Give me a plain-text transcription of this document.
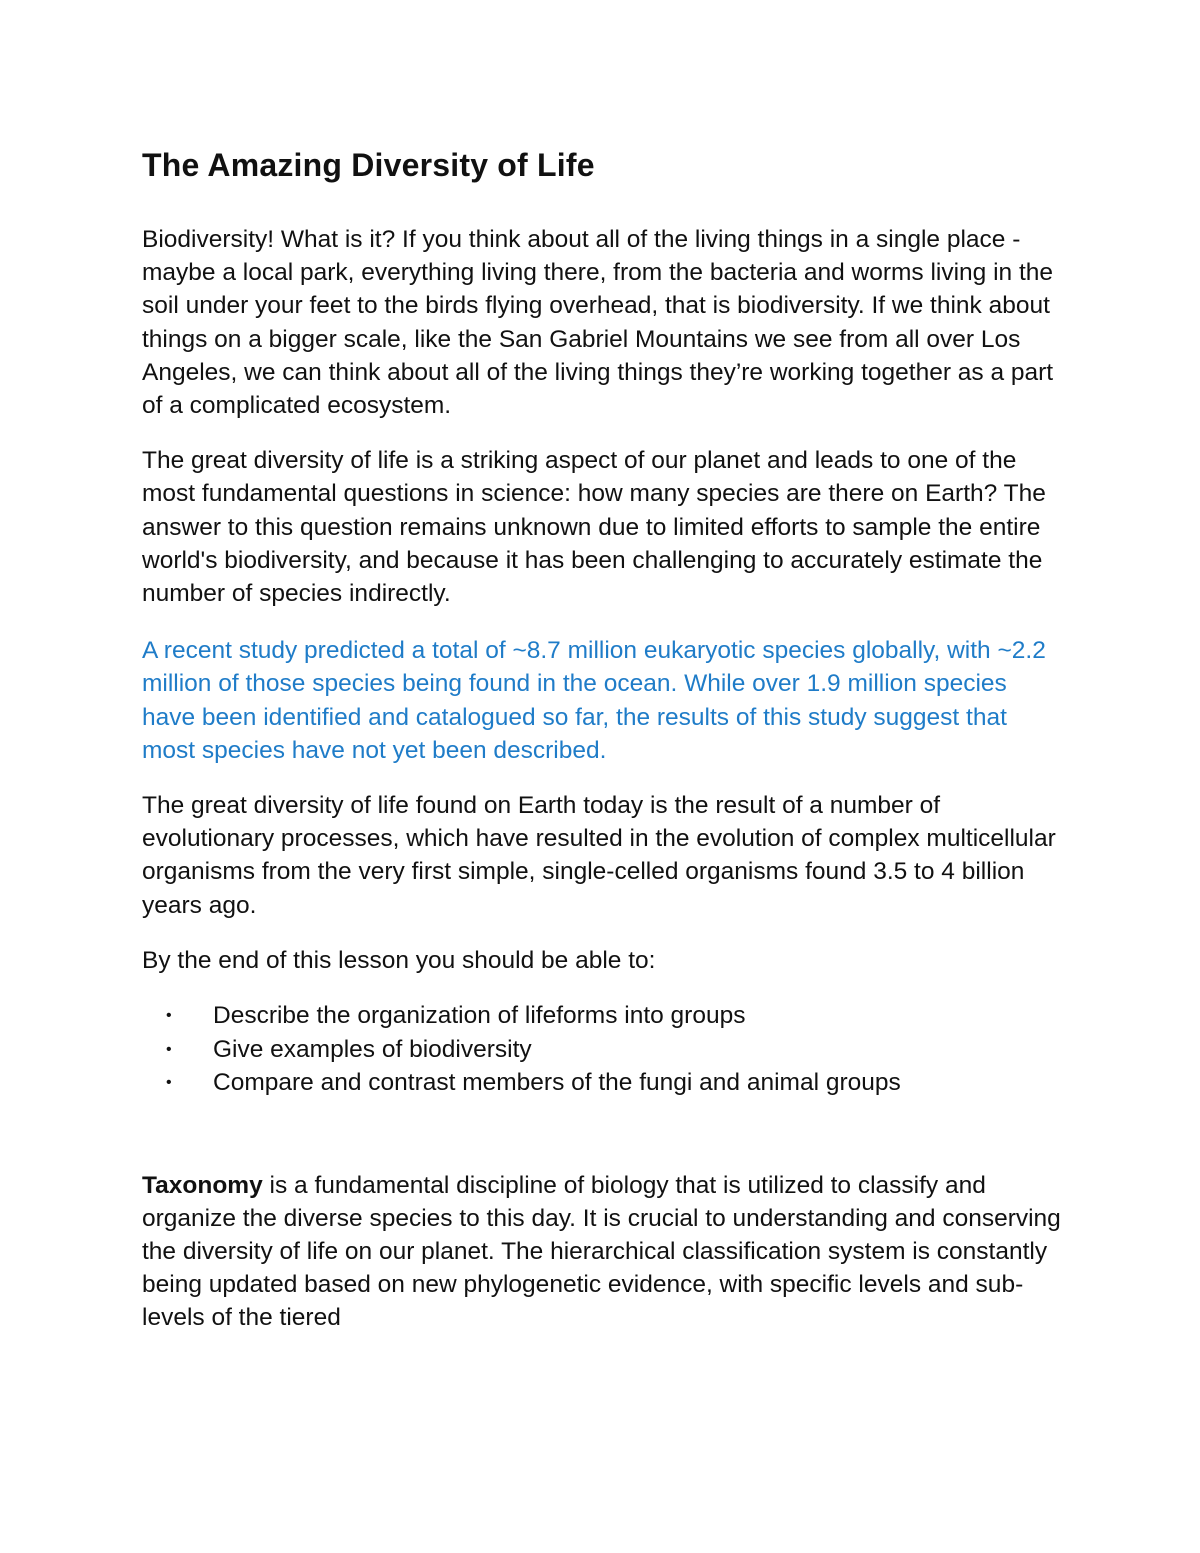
The Amazing Diversity of Life

Biodiversity! What is it? If you think about all of the living things in a single place - maybe a local park, everything living there, from the bacteria and worms living in the soil under your feet to the birds flying overhead, that is biodiversity. If we think about things on a bigger scale, like the San Gabriel Mountains we see from all over Los Angeles, we can think about all of the living things they’re working together as a part of a complicated ecosystem.

The great diversity of life is a striking aspect of our planet and leads to one of the most fundamental questions in science: how many species are there on Earth? The answer to this question remains unknown due to limited efforts to sample the entire world's biodiversity, and because it has been challenging to accurately estimate the number of species indirectly.

A recent study predicted a total of ~8.7 million eukaryotic species globally, with ~2.2 million of those species being found in the ocean. While over 1.9 million species have been identified and catalogued so far, the results of this study suggest that most species have not yet been described.

The great diversity of life found on Earth today is the result of a number of evolutionary processes, which have resulted in the evolution of complex multicellular organisms from the very first simple, single-celled organisms found 3.5 to 4 billion years ago.

By the end of this lesson you should be able to:

• Describe the organization of lifeforms into groups
• Give examples of biodiversity
• Compare and contrast members of the fungi and animal groups

Taxonomy is a fundamental discipline of biology that is utilized to classify and organize the diverse species to this day. It is crucial to understanding and conserving the diversity of life on our planet. The hierarchical classification system is constantly being updated based on new phylogenetic evidence, with specific levels and sub-levels of the tiered
